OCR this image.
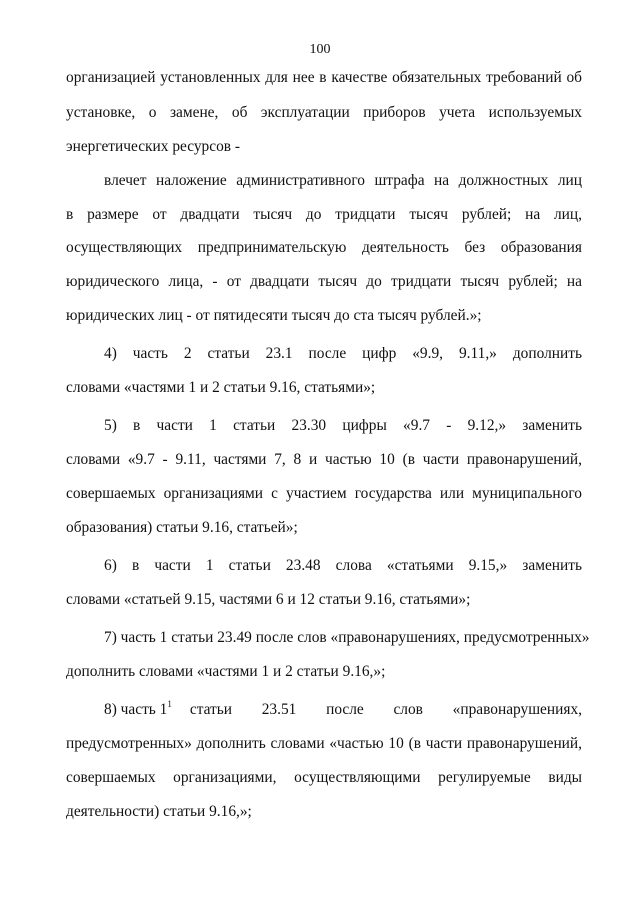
100
организацией установленных для нее в качестве обязательных требований об
установке, о замене, об эксплуатации приборов учета используемых
энергетических ресурсов -
влечет наложение административного штрафа на должностных лиц
в размере от двадцати тысяч до тридцати тысяч рублей; на лиц,
осуществляющих предпринимательскую деятельность без образования
юридического лица, - от двадцати тысяч до тридцати тысяч рублей; на
юридических лиц - от пятидесяти тысяч до ста тысяч рублей.»;
4) часть 2 статьи 23.1 после цифр «9.9, 9.11,» дополнить
словами «частями 1 и 2 статьи 9.16, статьями»;
5) в части 1 статьи 23.30 цифры «9.7 - 9.12,» заменить
словами «9.7 - 9.11, частями 7, 8 и частью 10 (в части правонарушений,
совершаемых организациями с участием государства или муниципального
образования) статьи 9.16, статьей»;
6) в части 1 статьи 23.48 слова «статьями 9.15,» заменить
словами «статьей 9.15, частями 6 и 12 статьи 9.16, статьями»;
7) часть 1 статьи 23.49 после слов «правонарушениях, предусмотренных»
дополнить словами «частями 1 и 2 статьи 9.16,»;
8) часть $1^1$ статьи 23.51 после слов «правонарушениях,
предусмотренных» дополнить словами «частью 10 (в части правонарушений,
совершаемых организациями, осуществляющими регулируемые виды
деятельности) статьи 9.16,»;
